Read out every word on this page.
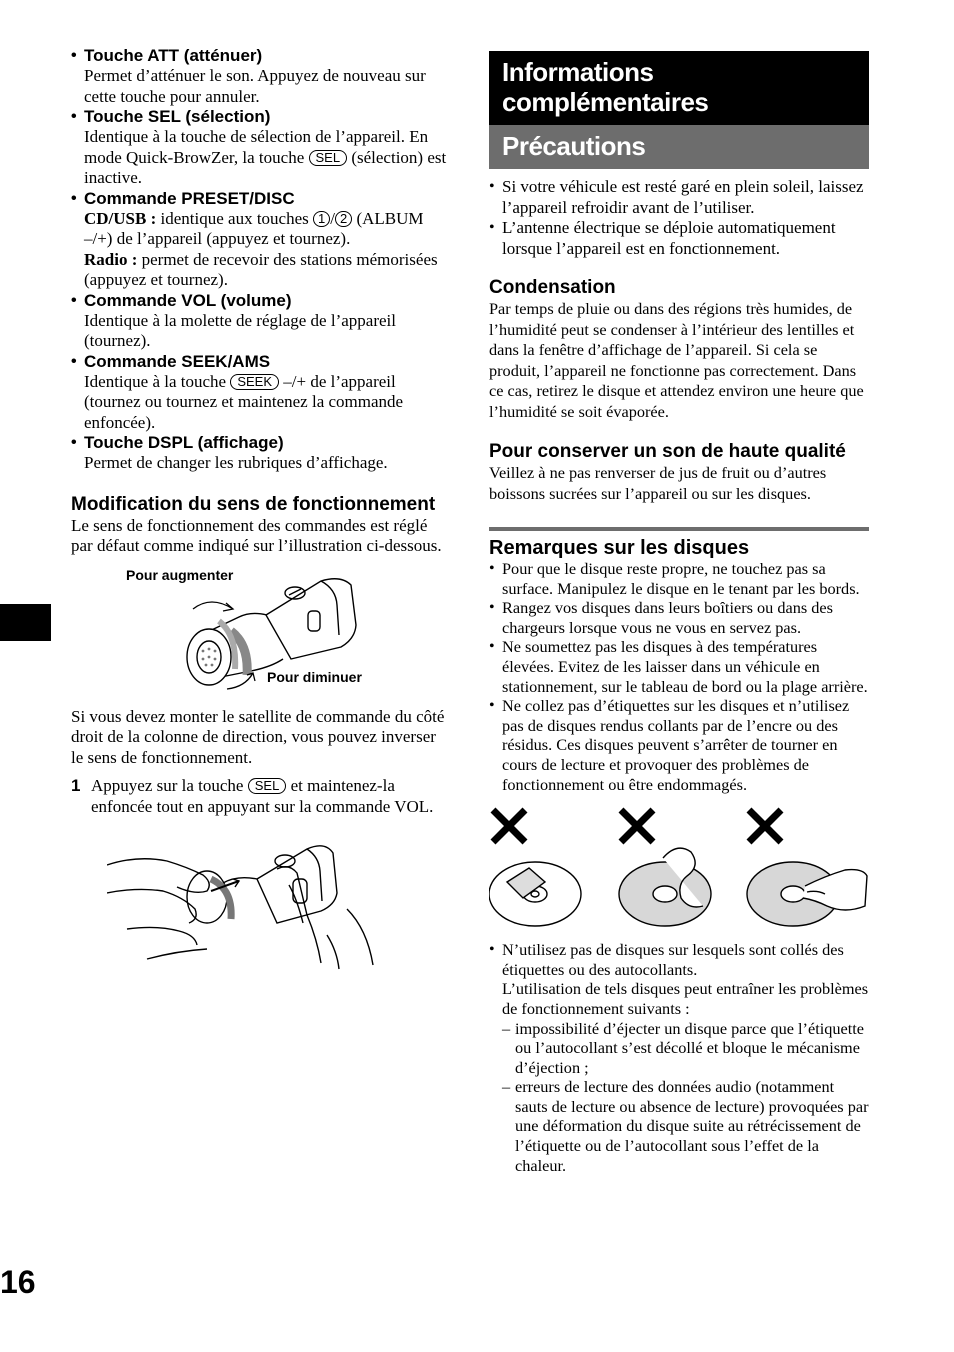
• Touche ATT (atténuer)
Permet d’atténuer le son. Appuyez de nouveau sur cette touche pour annuler.
• Touche SEL (sélection)
Identique à la touche de sélection de l’appareil. En mode Quick-BrowZer, la touche SEL (sélection) est inactive.
• Commande PRESET/DISC
CD/USB : identique aux touches 1 / 2 (ALBUM –/+) de l’appareil (appuyez et tournez).
Radio : permet de recevoir des stations mémorisées (appuyez et tournez).
• Commande VOL (volume)
Identique à la molette de réglage de l’appareil (tournez).
• Commande SEEK/AMS
Identique à la touche SEEK –/+ de l’appareil (tournez ou tournez et maintenez la commande enfoncée).
• Touche DSPL (affichage)
Permet de changer les rubriques d’affichage.
Modification du sens de fonctionnement
Le sens de fonctionnement des commandes est réglé par défaut comme indiqué sur l’illustration ci-dessous.
Pour augmenter
Pour diminuer
Si vous devez monter le satellite de commande du côté droit de la colonne de direction, vous pouvez inverser le sens de fonctionnement.
1 Appuyez sur la touche SEL et maintenez-la enfoncée tout en appuyant sur la commande VOL.
Informations complémentaires
Précautions
• Si votre véhicule est resté garé en plein soleil, laissez l’appareil refroidir avant de l’utiliser.
• L’antenne électrique se déploie automatiquement lorsque l’appareil est en fonctionnement.
Condensation
Par temps de pluie ou dans des régions très humides, de l’humidité peut se condenser à l’intérieur des lentilles et dans la fenêtre d’affichage de l’appareil. Si cela se produit, l’appareil ne fonctionne pas correctement. Dans ce cas, retirez le disque et attendez environ une heure que l’humidité se soit évaporée.
Pour conserver un son de haute qualité
Veillez à ne pas renverser de jus de fruit ou d’autres boissons sucrées sur l’appareil ou sur les disques.
Remarques sur les disques
• Pour que le disque reste propre, ne touchez pas sa surface. Manipulez le disque en le tenant par les bords.
• Rangez vos disques dans leurs boîtiers ou dans des chargeurs lorsque vous ne vous en servez pas.
• Ne soumettez pas les disques à des températures élevées. Evitez de les laisser dans un véhicule en stationnement, sur le tableau de bord ou la plage arrière.
• Ne collez pas d’étiquettes sur les disques et n’utilisez pas de disques rendus collants par de l’encre ou des résidus. Ces disques peuvent s’arrêter de tourner en cours de lecture et provoquer des problèmes de fonctionnement ou être endommagés.
• N’utilisez pas de disques sur lesquels sont collés des étiquettes ou des autocollants.
L’utilisation de tels disques peut entraîner les problèmes de fonctionnement suivants :
– impossibilité d’éjecter un disque parce que l’étiquette ou l’autocollant s’est décollé et bloque le mécanisme d’éjection ;
– erreurs de lecture des données audio (notamment sauts de lecture ou absence de lecture) provoquées par une déformation du disque suite au rétrécissement de l’étiquette ou de l’autocollant sous l’effet de la chaleur.
16
